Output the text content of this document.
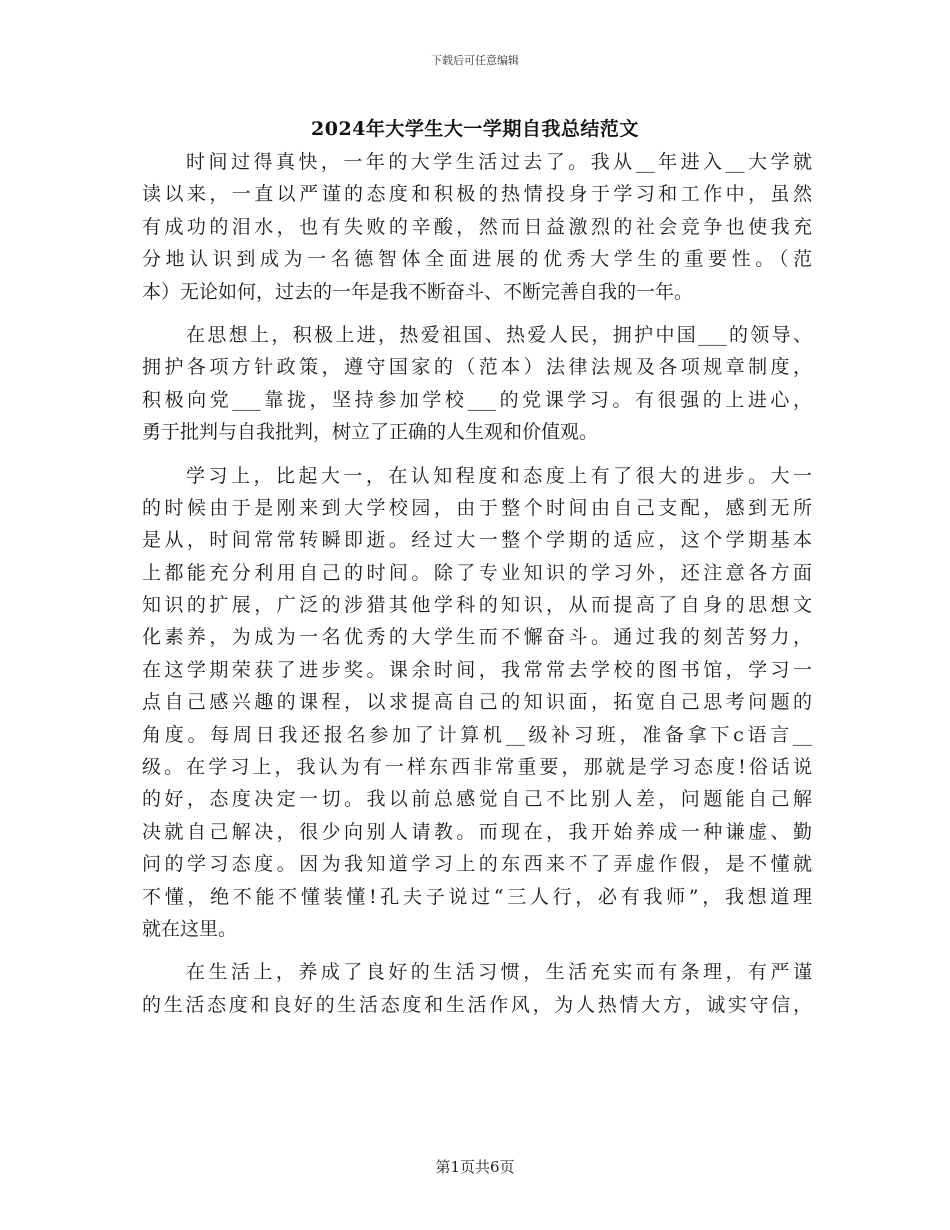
下载后可任意编辑
2024年大学生大一学期自我总结范文
时间过得真快，一年的大学生活过去了。我从__年进入__大学就
读以来，一直以严谨的态度和积极的热情投身于学习和工作中，虽然
有成功的泪水，也有失败的辛酸，然而日益激烈的社会竞争也使我充
分地认识到成为一名德智体全面进展的优秀大学生的重要性。（范
本）无论如何，过去的一年是我不断奋斗、不断完善自我的一年。
在思想上，积极上进，热爱祖国、热爱人民，拥护中国___的领导、
拥护各项方针政策，遵守国家的（范本）法律法规及各项规章制度，
积极向党___靠拢，坚持参加学校___的党课学习。有很强的上进心，
勇于批判与自我批判，树立了正确的人生观和价值观。
学习上，比起大一，在认知程度和态度上有了很大的进步。大一
的时候由于是刚来到大学校园，由于整个时间由自己支配，感到无所
是从，时间常常转瞬即逝。经过大一整个学期的适应，这个学期基本
上都能充分利用自己的时间。除了专业知识的学习外，还注意各方面
知识的扩展，广泛的涉猎其他学科的知识，从而提高了自身的思想文
化素养，为成为一名优秀的大学生而不懈奋斗。通过我的刻苦努力，
在这学期荣获了进步奖。课余时间，我常常去学校的图书馆，学习一
点自己感兴趣的课程，以求提高自己的知识面，拓宽自己思考问题的
角度。每周日我还报名参加了计算机__级补习班，准备拿下c语言__
级。在学习上，我认为有一样东西非常重要，那就是学习态度!俗话说
的好，态度决定一切。我以前总感觉自己不比别人差，问题能自己解
决就自己解决，很少向别人请教。而现在，我开始养成一种谦虚、勤
问的学习态度。因为我知道学习上的东西来不了弄虚作假，是不懂就
不懂，绝不能不懂装懂!孔夫子说过“三人行，必有我师”，我想道理
就在这里。
在生活上，养成了良好的生活习惯，生活充实而有条理，有严谨
的生活态度和良好的生活态度和生活作风，为人热情大方，诚实守信，
第1页共6页
